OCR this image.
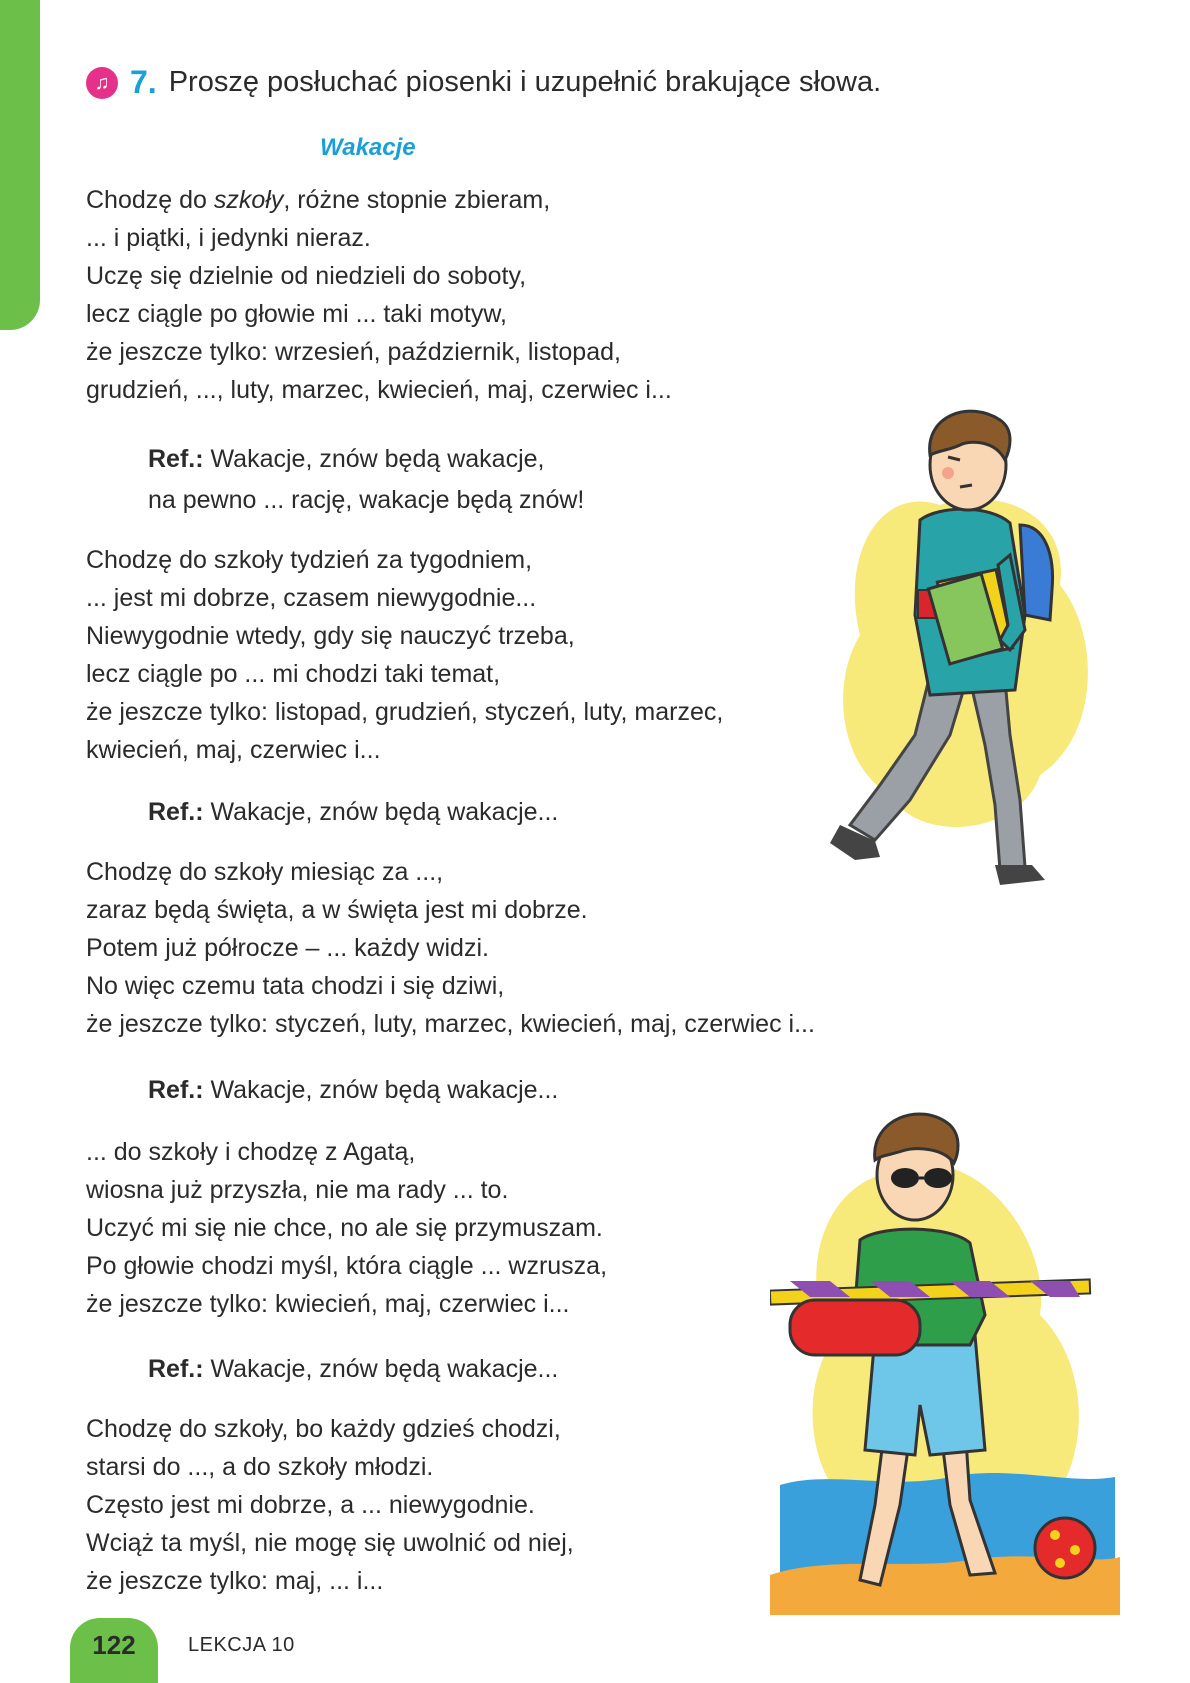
♫ 7. Proszę posłuchać piosenki i uzupełnić brakujące słowa.
Wakacje
Chodzę do szkoły, różne stopnie zbieram,
... i piątki, i jedynki nieraz.
Uczę się dzielnie od niedzieli do soboty,
lecz ciągle po głowie mi ... taki motyw,
że jeszcze tylko: wrzesień, październik, listopad,
grudzień, ..., luty, marzec, kwiecień, maj, czerwiec i...
Ref.: Wakacje, znów będą wakacje,
na pewno ... rację, wakacje będą znów!
Chodzę do szkoły tydzień za tygodniem,
... jest mi dobrze, czasem niewygodnie...
Niewygodnie wtedy, gdy się nauczyć trzeba,
lecz ciągle po ... mi chodzi taki temat,
że jeszcze tylko: listopad, grudzień, styczeń, luty, marzec,
kwiecień, maj, czerwiec i...
Ref.: Wakacje, znów będą wakacje...
Chodzę do szkoły miesiąc za ...,
zaraz będą święta, a w święta jest mi dobrze.
Potem już półrocze – ... każdy widzi.
No więc czemu tata chodzi i się dziwi,
że jeszcze tylko: styczeń, luty, marzec, kwiecień, maj, czerwiec i...
Ref.: Wakacje, znów będą wakacje...
... do szkoły i chodzę z Agatą,
wiosna już przyszła, nie ma rady ... to.
Uczyć mi się nie chce, no ale się przymuszam.
Po głowie chodzi myśl, która ciągle ... wzrusza,
że jeszcze tylko: kwiecień, maj, czerwiec i...
Ref.: Wakacje, znów będą wakacje...
Chodzę do szkoły, bo każdy gdzieś chodzi,
starsi do ..., a do szkoły młodzi.
Często jest mi dobrze, a ... niewygodnie.
Wciąż ta myśl, nie mogę się uwolnić od niej,
że jeszcze tylko: maj, ... i...
122	LEKCJA 10
